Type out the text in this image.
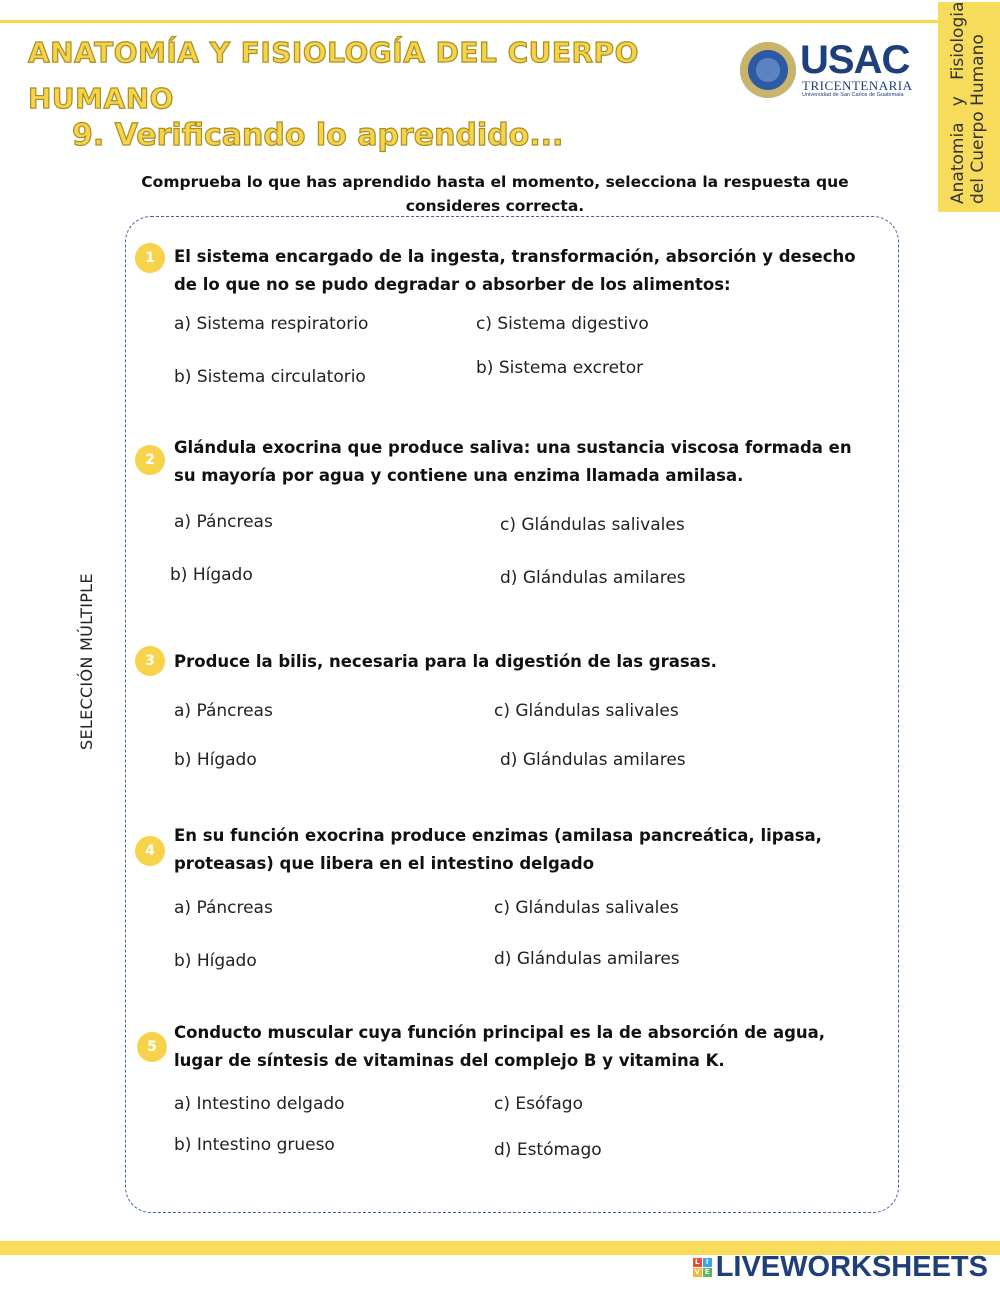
Anatomia   y   Fisiologia del Cuerpo Humano
ANATOMÍA Y FISIOLOGÍA DEL CUERPO
HUMANO
9. Verificando lo aprendido...
USAC
TRICENTENARIA
Universidad de San Carlos de Guatemala
Comprueba lo que has aprendido hasta el momento, selecciona la respuesta que consideres correcta.
SELECCIÓN MÚLTIPLE
1	El sistema encargado de la ingesta, transformación, absorción y desecho de lo que no se pudo degradar o absorber de los alimentos:
a) Sistema respiratorio	c) Sistema digestivo
b) Sistema circulatorio	b) Sistema excretor
2
Glándula exocrina que produce saliva: una sustancia viscosa formada en su mayoría por agua y contiene una enzima llamada amilasa.
a) Páncreas	c) Glándulas salivales
b) Hígado	d) Glándulas amilares
3	Produce la bilis, necesaria para la digestión de las grasas.
a) Páncreas	c) Glándulas salivales
b) Hígado	d) Glándulas amilares
4
En su función exocrina produce enzimas (amilasa pancreática, lipasa, proteasas) que libera en el intestino delgado
a) Páncreas	c) Glándulas salivales
b) Hígado	d) Glándulas amilares
5
Conducto muscular cuya función principal es la de absorción de agua, lugar de síntesis de vitaminas del complejo B y vitamina K.
a) Intestino delgado	c) Esófago
b) Intestino grueso	d) Estómago
L I
V E LIVEWORKSHEETS
